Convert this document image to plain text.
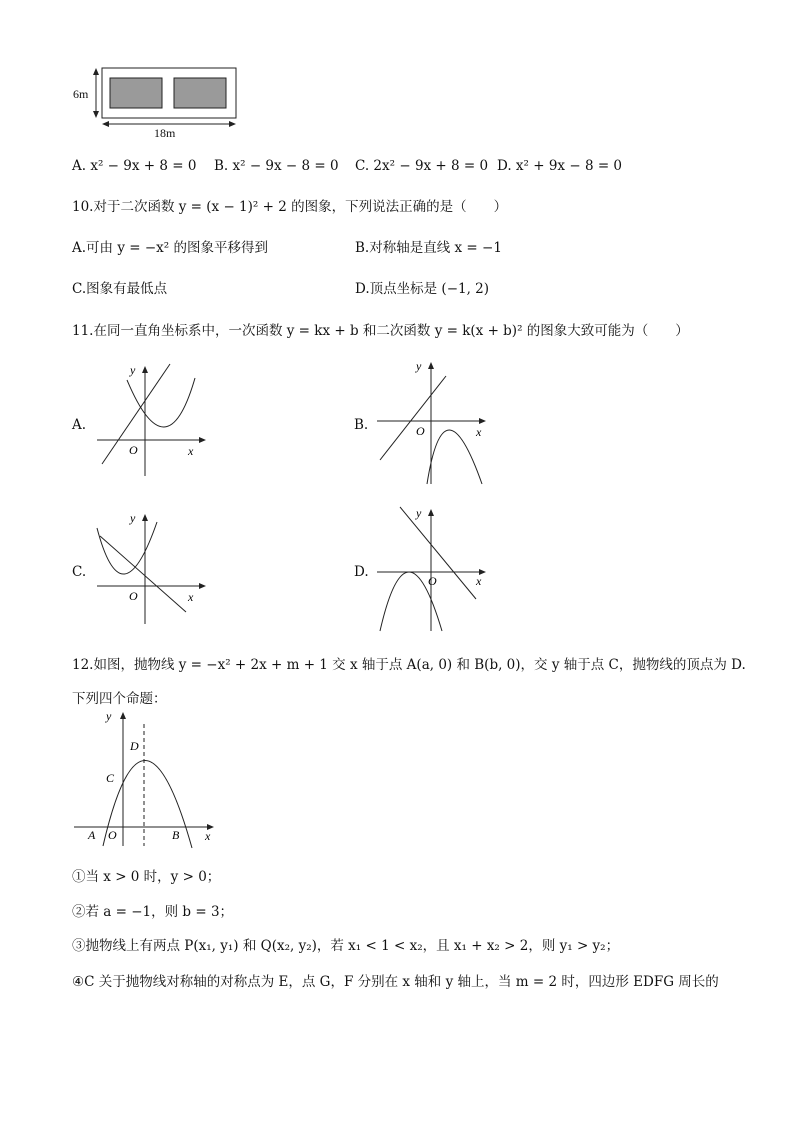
6m
18m
A. x² − 9x + 8 = 0 B. x² − 9x − 8 = 0 C. 2x² − 9x + 8 = 0 D. x² + 9x − 8 = 0
10.对于二次函数 y = (x − 1)² + 2 的图象，下列说法正确的是（　　）
A.可由 y = −x² 的图象平移得到	B.对称轴是直线 x = −1
C.图象有最低点	D.顶点坐标是 (−1, 2)
11.在同一直角坐标系中，一次函数 y = kx + b 和二次函数 y = k(x + b)² 的图象大致可能为（　　）
A.
y
x
O
B.
y
x
O
C.
y
x
O
D.
y
x
O
12.如图，抛物线 y = −x² + 2x + m + 1 交 x 轴于点 A(a, 0) 和 B(b, 0)，交 y 轴于点 C，抛物线的顶点为 D.
下列四个命题：
y
x
O
A	B
C
D
①当 x > 0 时，y > 0；
②若 a = −1，则 b = 3；
③抛物线上有两点 P(x₁, y₁) 和 Q(x₂, y₂)，若 x₁ < 1 < x₂，且 x₁ + x₂ > 2，则 y₁ > y₂；
④C 关于抛物线对称轴的对称点为 E，点 G，F 分别在 x 轴和 y 轴上，当 m = 2 时，四边形 EDFG 周长的
